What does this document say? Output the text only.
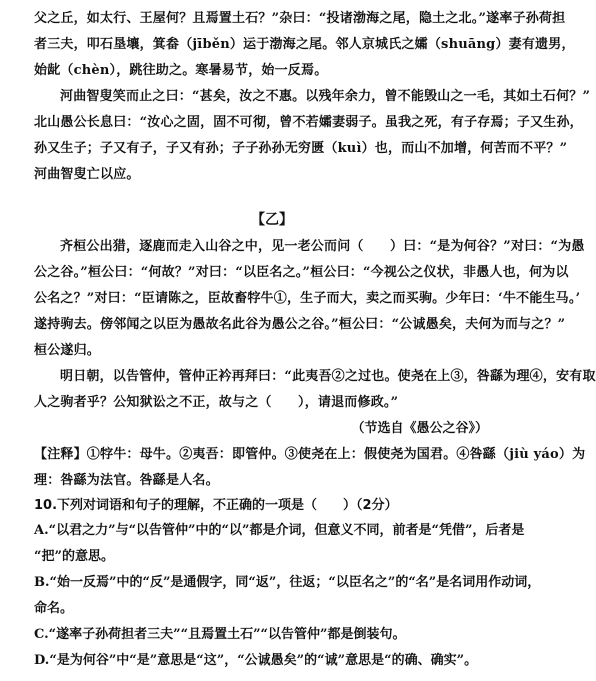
父之丘，如太行、王屋何？且焉置土石？”杂曰：“投诸渤海之尾，隐土之北。”遂率子孙荷担
者三夫，叩石垦壤，箕畚（jīběn）运于渤海之尾。邻人京城氏之孀（shuāng）妻有遗男，
始龀（chèn），跳往助之。寒暑易节，始一反焉。
河曲智叟笑而止之曰：“甚矣，汝之不惠。以残年余力，曾不能毁山之一毛，其如土石何？”
北山愚公长息曰：“汝心之固，固不可彻，曾不若孀妻弱子。虽我之死，有子存焉；子又生孙，
孙又生子；子又有子，子又有孙；子子孙孙无穷匮（kuì）也，而山不加增，何苦而不平？”
河曲智叟亡以应。
【乙】
齐桓公出猎，逐鹿而走入山谷之中，见一老公而问（　　）曰：“是为何谷？”对曰：“为愚
公之谷。”桓公曰：“何故？”对曰：“以臣名之。”桓公曰：“今视公之仪状，非愚人也，何为以
公名之？”对曰：“臣请陈之，臣故畜牸牛①，生子而大，卖之而买驹。少年曰：‘牛不能生马。’
遂持驹去。傍邻闻之以臣为愚故名此谷为愚公之谷。”桓公曰：“公诚愚矣，夫何为而与之？”
桓公遂归。
明日朝，以告管仲，管仲正衿再拜曰：“此夷吾②之过也。使尧在上③，咎繇为理④，安有取
人之驹者乎？公知狱讼之不正，故与之（　　），请退而修政。”
（节选自《愚公之谷》）
【注释】①牸牛：母牛。②夷吾：即管仲。③使尧在上：假使尧为国君。④咎繇（jiù yáo）为
理：咎繇为法官。咎繇是人名。
10.下列对词语和句子的理解，不正确的一项是（　　）（2分）
A.“以君之力”与“以告管仲”中的“以”都是介词，但意义不同，前者是“凭借”，后者是
“把”的意思。
B.“始一反焉”中的“反”是通假字，同“返”，往返；“以臣名之”的“名”是名词用作动词，
命名。
C.“遂率子孙荷担者三夫”“且焉置土石”“以告管仲”都是倒装句。
D.“是为何谷”中“是”意思是“这”，“公诚愚矣”的“诚”意思是“的确、确实”。
